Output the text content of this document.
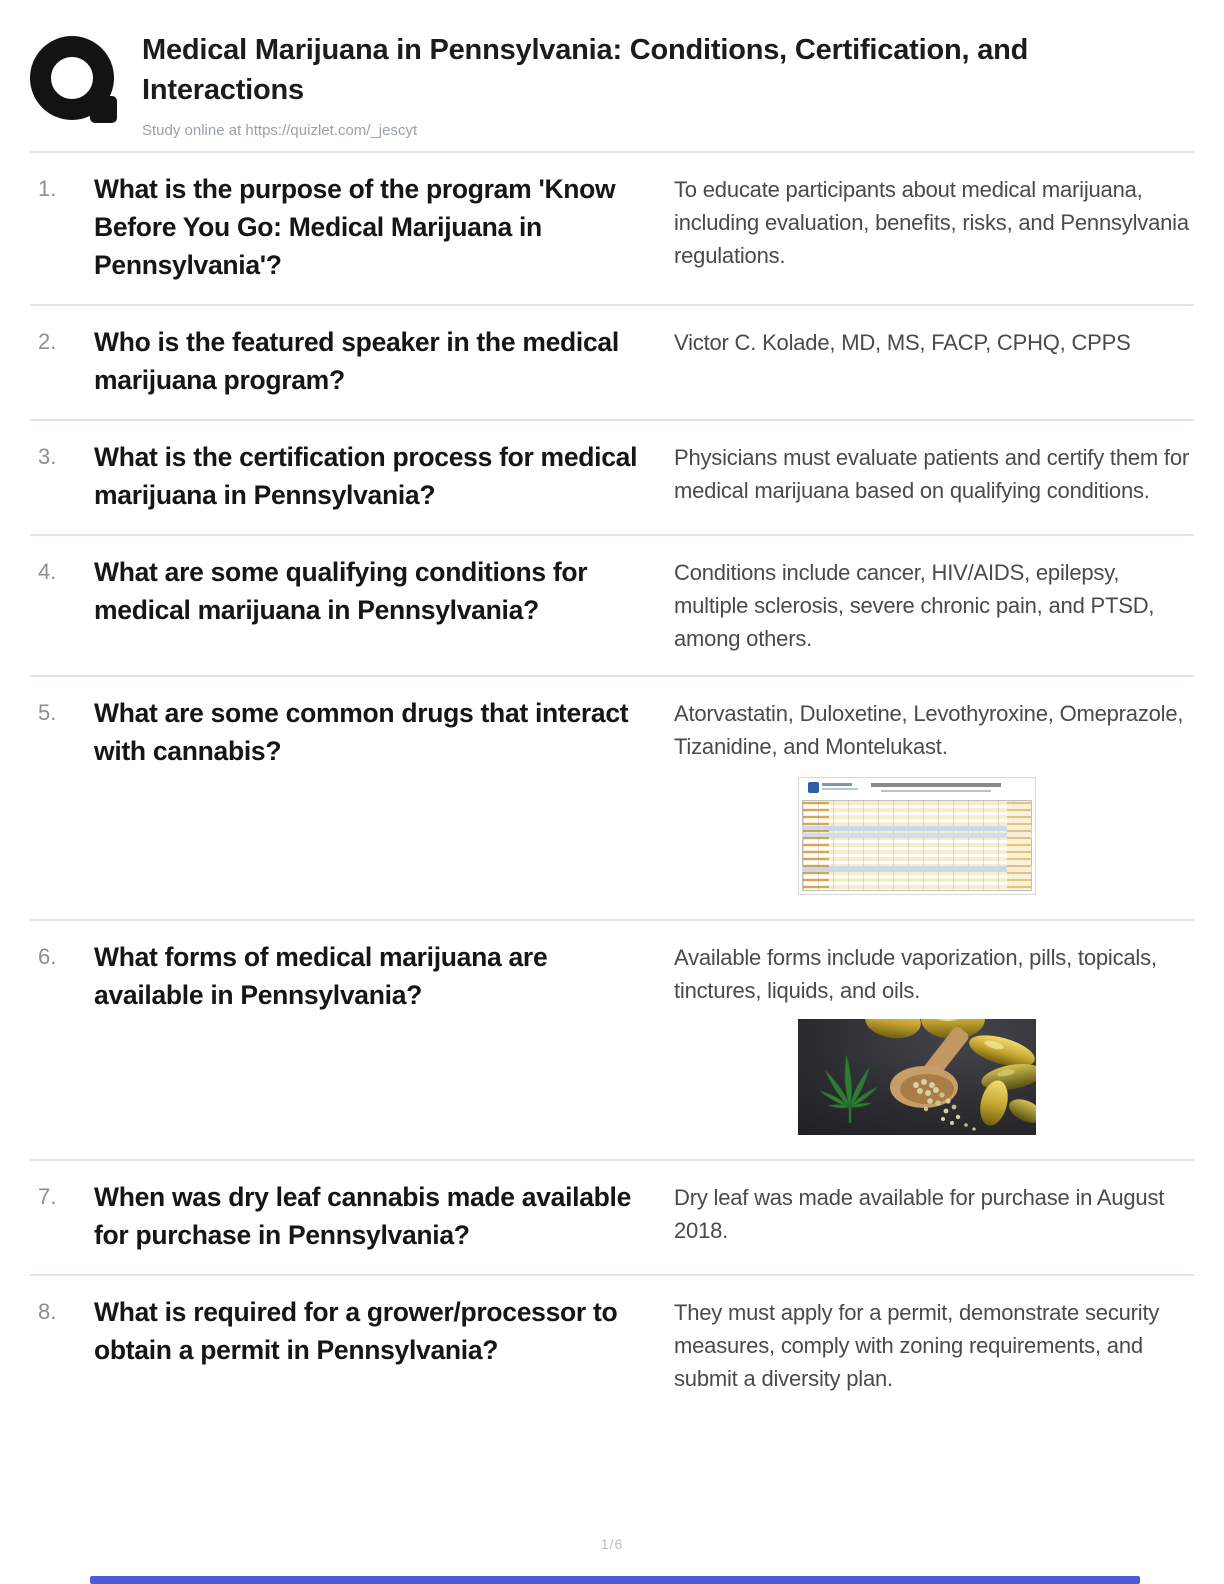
Medical Marijuana in Pennsylvania: Conditions, Certification, and Interactions
Study online at https://quizlet.com/_jescyt
1.	What is the purpose of the program 'Know Before You Go: Medical Marijuana in Pennsylvania'?
To educate participants about medical marijuana, including evaluation, benefits, risks, and Pennsylvania regulations.
2.	Who is the featured speaker in the medical marijuana program?
Victor C. Kolade, MD, MS, FACP, CPHQ, CPPS
3.	What is the certification process for medical marijuana in Pennsylvania?
Physicians must evaluate patients and certify them for medical marijuana based on qualifying conditions.
4.	What are some qualifying conditions for medical marijuana in Pennsylvania?
Conditions include cancer, HIV/AIDS, epilepsy, multiple sclerosis, severe chronic pain, and PTSD, among others.
5.	What are some common drugs that interact with cannabis?
Atorvastatin, Duloxetine, Levothyroxine, Omeprazole, Tizanidine, and Montelukast.
6.	What forms of medical marijuana are available in Pennsylvania?
Available forms include vaporization, pills, topicals, tinctures, liquids, and oils.
7.	When was dry leaf cannabis made available for purchase in Pennsylvania?
Dry leaf was made available for purchase in August 2018.
8.	What is required for a grower/processor to obtain a permit in Pennsylvania?
They must apply for a permit, demonstrate security measures, comply with zoning requirements, and submit a diversity plan.
1/6
